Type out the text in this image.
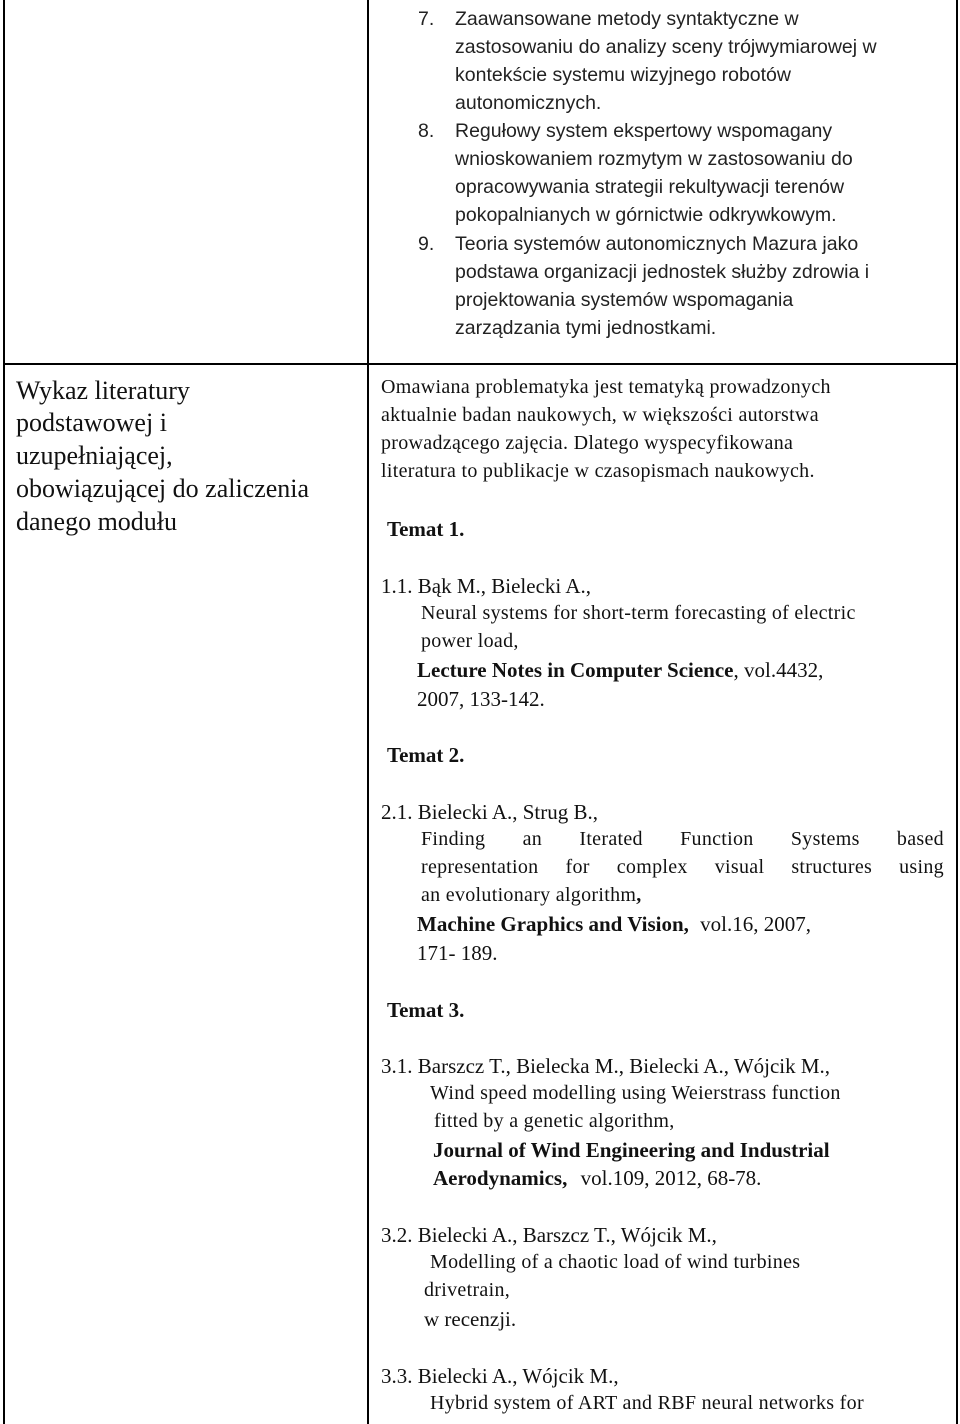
7. Zaawansowane metody syntaktyczne w
zastosowaniu do analizy sceny trójwymiarowej w
kontekście systemu wizyjnego robotów
autonomicznych.
8. Regułowy system ekspertowy wspomagany
wnioskowaniem rozmytym w zastosowaniu do
opracowywania strategii rekultywacji terenów
pokopalnianych w górnictwie odkrywkowym.
9. Teoria systemów autonomicznych Mazura jako
podstawa organizacji jednostek służby zdrowia i
projektowania systemów wspomagania
zarządzania tymi jednostkami.
Wykaz literatury
podstawowej i
uzupełniającej,
obowiązującej do zaliczenia
danego modułu
Omawiana problematyka jest tematyką prowadzonych
aktualnie badan naukowych, w większości autorstwa
prowadzącego zajęcia. Dlatego wyspecyfikowana
literatura to publikacje w czasopismach naukowych.
Temat 1.
1.1. Bąk M., Bielecki A.,
Neural systems for short-term forecasting of electric
power load,
Lecture Notes in Computer Science, vol.4432,
2007, 133-142.
Temat 2.
2.1. Bielecki A., Strug B.,
Finding an Iterated Function Systems based
representation for complex visual structures using
an evolutionary algorithm,
Machine Graphics and Vision, vol.16, 2007,
171- 189.
Temat 3.
3.1. Barszcz T., Bielecka M., Bielecki A., Wójcik M.,
Wind speed modelling using Weierstrass function
fitted by a genetic algorithm,
Journal of Wind Engineering and Industrial
Aerodynamics, vol.109, 2012, 68-78.
3.2. Bielecki A., Barszcz T., Wójcik M.,
Modelling of a chaotic load of wind turbines
drivetrain,
w recenzji.
3.3. Bielecki A., Wójcik M.,
Hybrid system of ART and RBF neural networks for
